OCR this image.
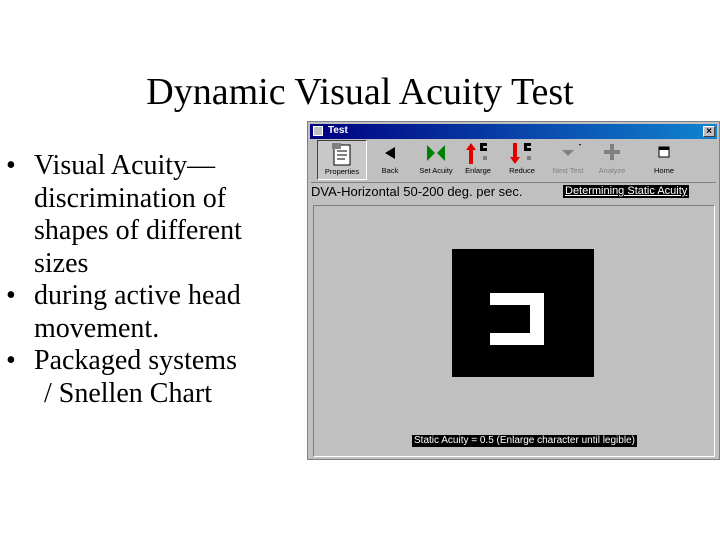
Dynamic Visual Acuity Test
• Visual Acuity—
discrimination of
shapes of different
sizes
• during active head
movement.
• Packaged systems

/ Snellen Chart
Test	×
Properties	Back	Set Acuity	Enlarge	Reduce	Next Test	Analyze	Home
DVA-Horizontal 50-200 deg. per sec.	Determining Static Acuity
Static Acuity = 0.5 (Enlarge character until legible)
